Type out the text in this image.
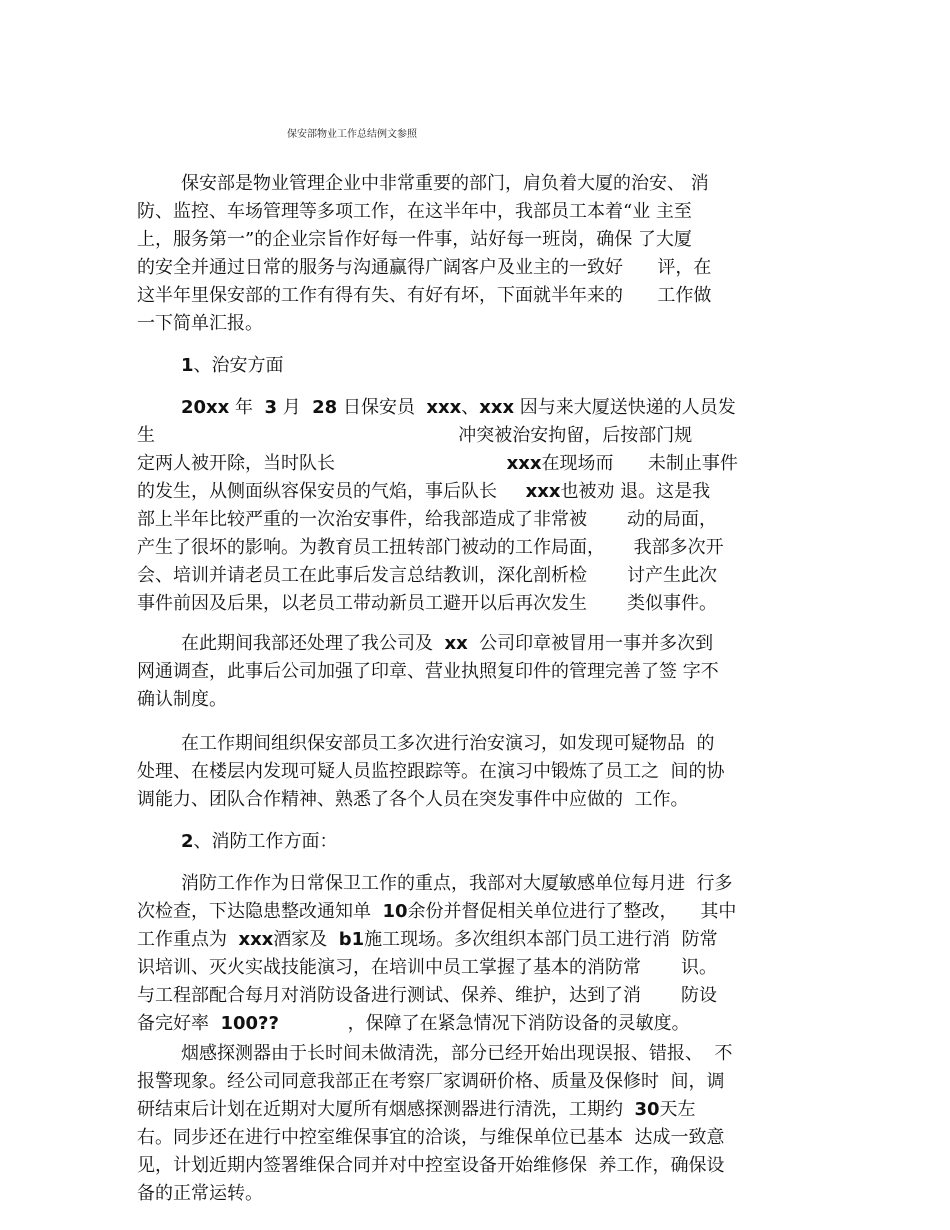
保安部物业工作总结例文参照
保安部是物业管理企业中非常重要的部门，肩负着大厦的治安、 消
防、监控、车场管理等多项工作，在这半年中，我部员工本着“业 主至
上，服务第一”的企业宗旨作好每一件事，站好每一班岗，确保 了大厦
的安全并通过日常的服务与沟通赢得广阔客户及业主的一致好      评，在
这半年里保安部的工作有得有失、有好有坏，下面就半年来的      工作做
一下简单汇报。
1、治安方面
20xx 年  3 月  28 日保安员  xxx、xxx 因与来大厦送快递的人员发
生                                                     冲突被治安拘留，后按部门规
定两人被开除，当时队长                              xxx在现场而      未制止事件
的发生，从侧面纵容保安员的气焰，事后队长     xxx也被劝 退。这是我
部上半年比较严重的一次治安事件，给我部造成了非常被       动的局面，
产生了很坏的影响。为教育员工扭转部门被动的工作局面，     我部多次开
会、培训并请老员工在此事后发言总结教训，深化剖析检       讨产生此次
事件前因及后果，以老员工带动新员工避开以后再次发生       类似事件。
在此期间我部还处理了我公司及  xx  公司印章被冒用一事并多次到
网通调查，此事后公司加强了印章、营业执照复印件的管理完善了签 字不
确认制度。
在工作期间组织保安部员工多次进行治安演习，如发现可疑物品  的
处理、在楼层内发现可疑人员监控跟踪等。在演习中锻炼了员工之  间的协
调能力、团队合作精神、熟悉了各个人员在突发事件中应做的  工作。
2、消防工作方面：
消防工作作为日常保卫工作的重点，我部对大厦敏感单位每月进  行多
次检查，下达隐患整改通知单  10余份并督促相关单位进行了整改，    其中
工作重点为  xxx酒家及  b1施工现场。多次组织本部门员工进行消  防常
识培训、灭火实战技能演习，在培训中员工掌握了基本的消防常       识。
与工程部配合每月对消防设备进行测试、保养、维护，达到了消       防设
备完好率  100??            ，保障了在紧急情况下消防设备的灵敏度。
烟感探测器由于长时间未做清洗，部分已经开始出现误报、错报、  不
报警现象。经公司同意我部正在考察厂家调研价格、质量及保修时  间，调
研结束后计划在近期对大厦所有烟感探测器进行清洗，工期约  30天左
右。同步还在进行中控室维保事宜的洽谈，与维保单位已基本  达成一致意
见，计划近期内签署维保合同并对中控室设备开始维修保  养工作，确保设
备的正常运转。
